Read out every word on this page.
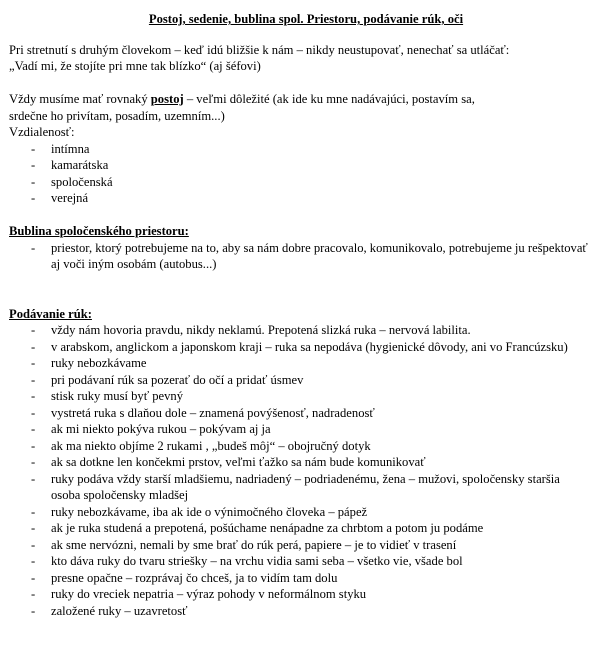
Postoj, sedenie, bublina spol. Priestoru, podávanie rúk, oči

Pri stretnutí s druhým človekom – keď idú bližšie k nám – nikdy neustupovať, nenechať sa utláčať:

„Vadí mi, že stojíte pri mne tak blízko“ (aj šéfovi)

Vždy musíme mať rovnaký postoj – veľmi dôležité (ak ide ku mne nadávajúci, postavím sa,

srdečne ho privítam, posadím, uzemním...)

Vzdialenosť:

- intímna
- kamarátska
- spoločenská
- verejná

Bublina spoločenského priestoru:

- priestor, ktorý potrebujeme na to, aby sa nám dobre pracovalo, komunikovalo, potrebujeme ju rešpektovať aj voči iným osobám (autobus...)

Podávanie rúk:

- vždy nám hovoria pravdu, nikdy neklamú. Prepotená slizká ruka – nervová labilita.
- v arabskom, anglickom a japonskom kraji – ruka sa nepodáva (hygienické dôvody, ani vo Francúzsku)
- ruky nebozkávame
- pri podávaní rúk sa pozerať do očí a pridať úsmev
- stisk ruky musí byť pevný
- vystretá ruka s dlaňou dole – znamená povýšenosť, nadradenosť
- ak mi niekto pokýva rukou – pokývam aj ja
- ak ma niekto objíme 2 rukami , „budeš môj“ – obojručný dotyk
- ak sa dotkne len končekmi prstov, veľmi ťažko sa nám bude komunikovať
- ruky podáva vždy starší mladšiemu, nadriadený – podriadenému, žena – mužovi, spoločensky staršia osoba spoločensky mladšej
- ruky nebozkávame, iba ak ide o výnimočného človeka – pápež
- ak je ruka studená a prepotená, pošúchame nenápadne za chrbtom a potom ju podáme
- ak sme nervózni, nemali by sme brať do rúk perá, papiere – je to vidieť v trasení
- kto dáva ruky do tvaru striešky – na vrchu vidia sami seba – všetko vie, všade bol
- presne opačne – rozprávaj čo chceš, ja to vidím tam dolu
- ruky do vreciek nepatria – výraz pohody v neformálnom styku
- založené ruky – uzavretosť
